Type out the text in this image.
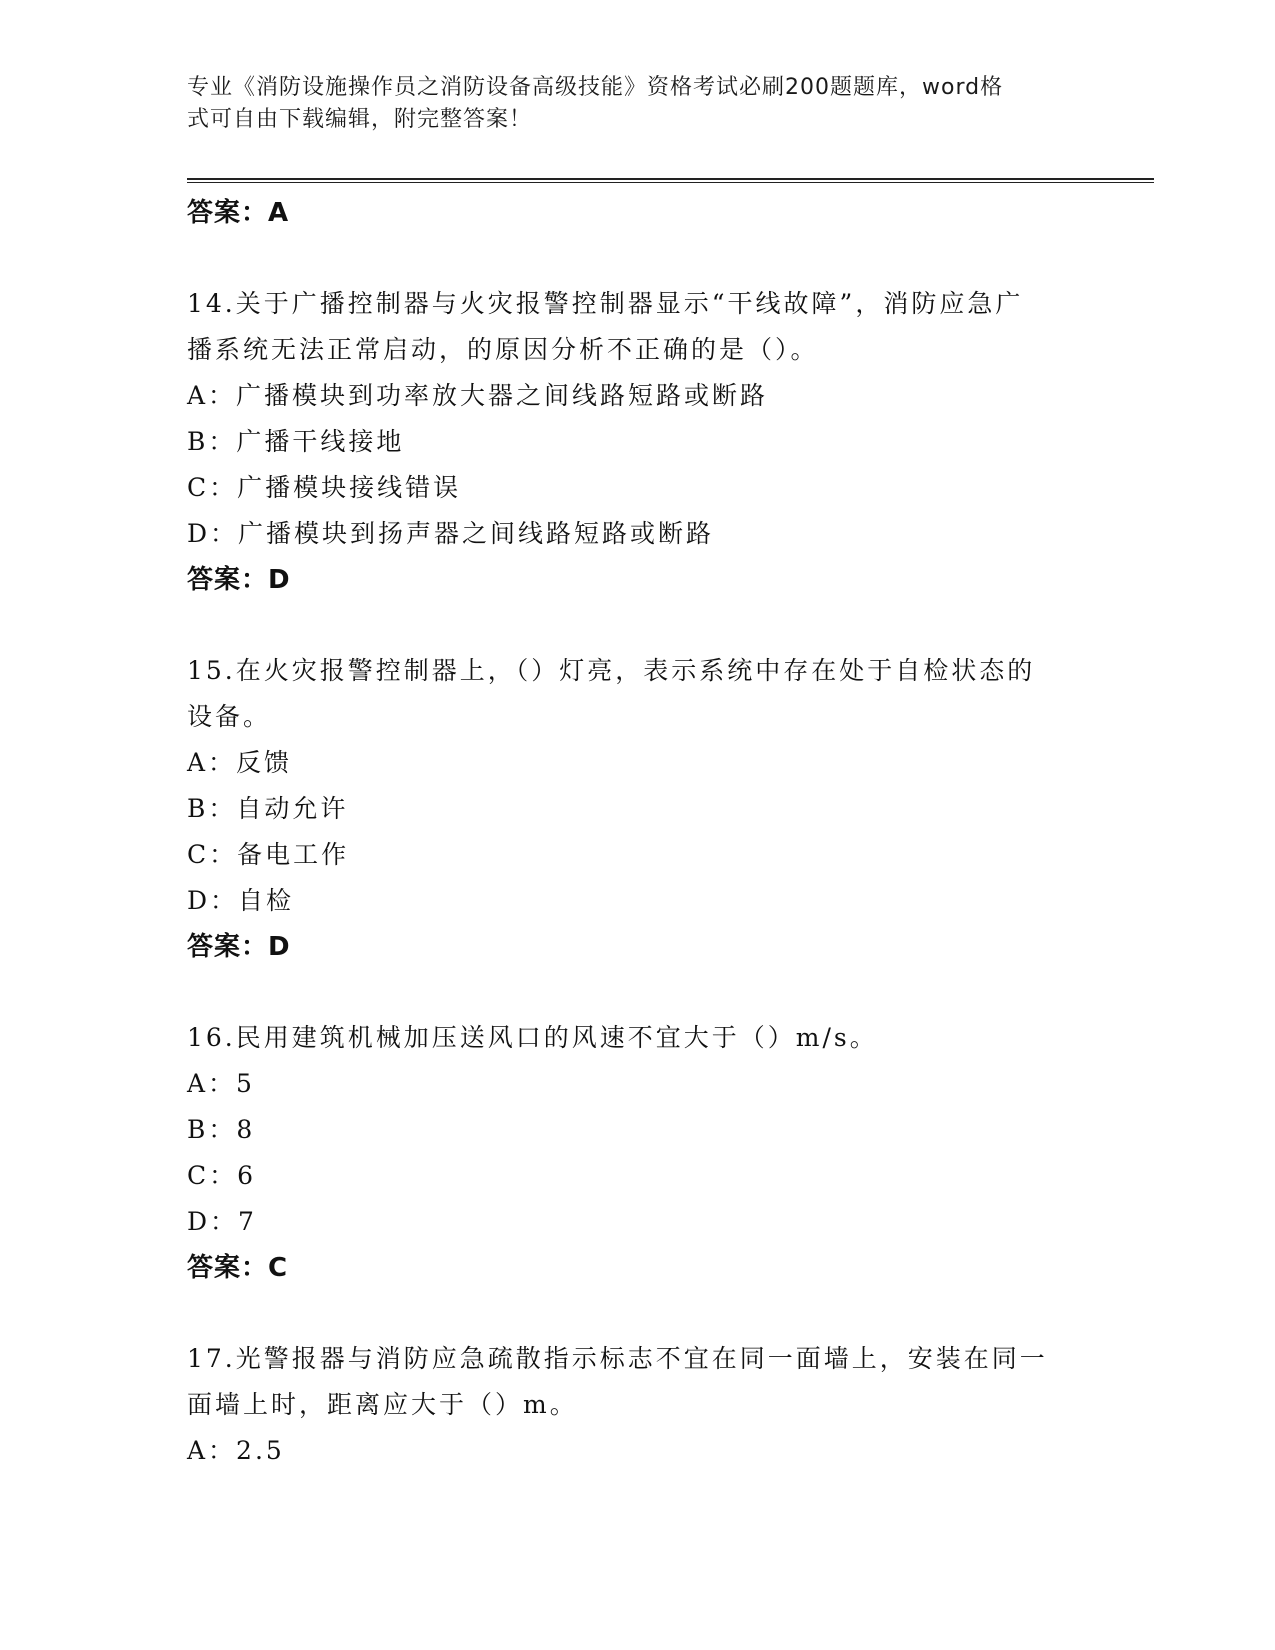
专业《消防设施操作员之消防设备高级技能》资格考试必刷200题题库，word格
式可自由下载编辑，附完整答案！
答案：A
14.关于广播控制器与火灾报警控制器显示“干线故障”，消防应急广
播系统无法正常启动，的原因分析不正确的是（）。
A：广播模块到功率放大器之间线路短路或断路
B：广播干线接地
C：广播模块接线错误
D：广播模块到扬声器之间线路短路或断路
答案：D
15.在火灾报警控制器上，（）灯亮，表示系统中存在处于自检状态的
设备。
A：反馈
B：自动允许
C：备电工作
D：自检
答案：D
16.民用建筑机械加压送风口的风速不宜大于（）m/s。
A：5
B：8
C：6
D：7
答案：C
17.光警报器与消防应急疏散指示标志不宜在同一面墙上，安装在同一
面墙上时，距离应大于（）m。
A：2.5
